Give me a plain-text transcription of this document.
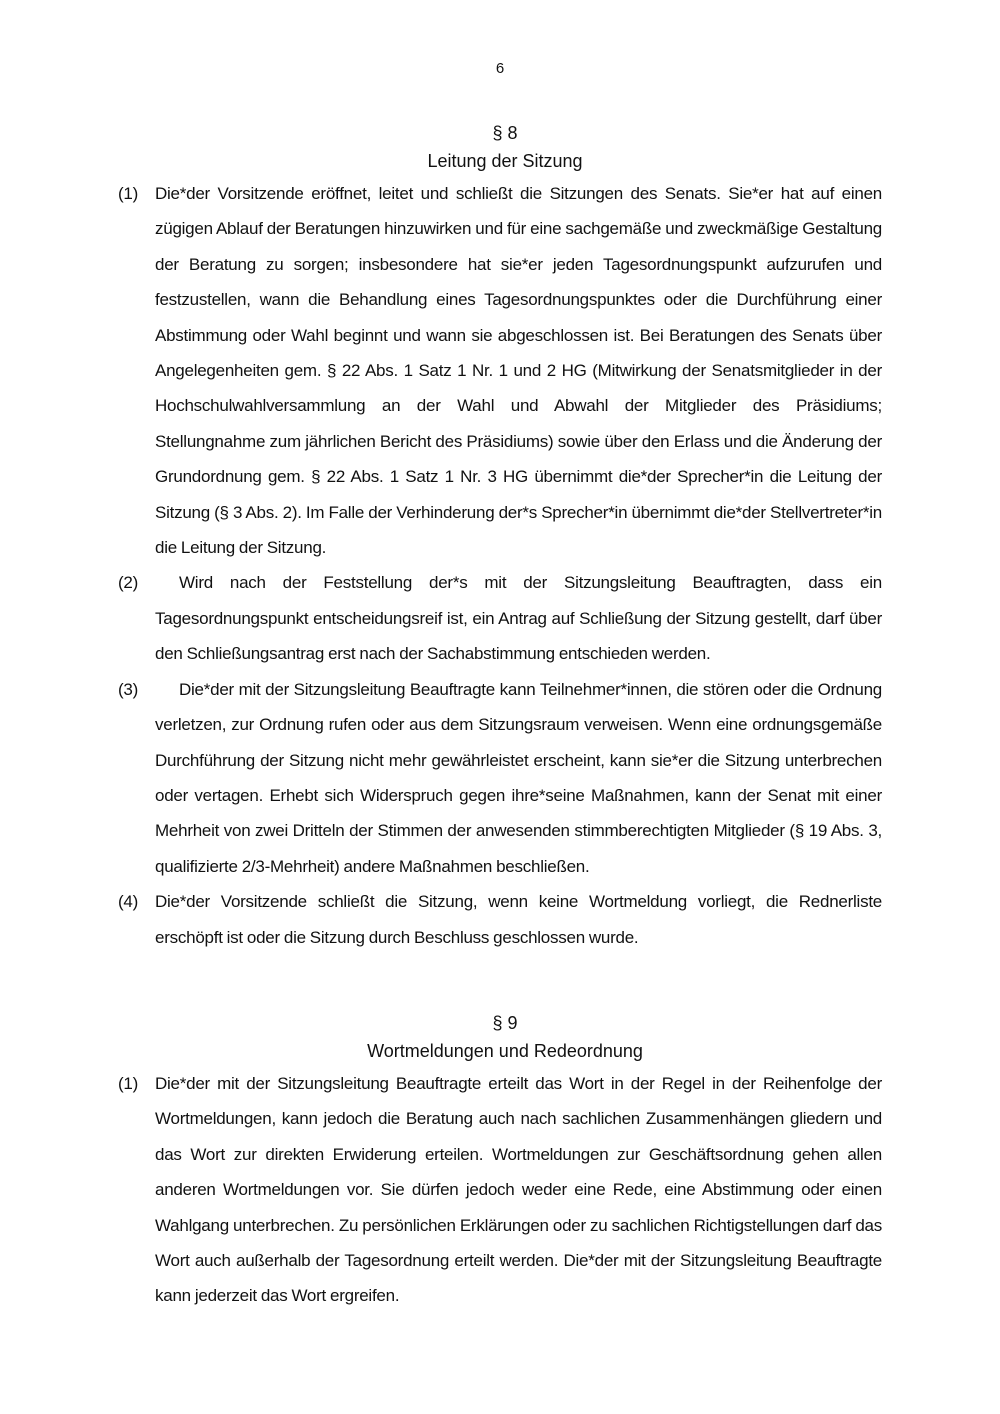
6
§ 8
Leitung der Sitzung
(1) Die*der Vorsitzende eröffnet, leitet und schließt die Sitzungen des Senats. Sie*er hat auf einen zügigen Ablauf der Beratungen hinzuwirken und für eine sachgemäße und zweckmäßige Gestaltung der Beratung zu sorgen; insbesondere hat sie*er jeden Tagesordnungspunkt aufzurufen und festzustellen, wann die Behandlung eines Tagesordnungspunktes oder die Durchführung einer Abstimmung oder Wahl beginnt und wann sie abgeschlossen ist. Bei Beratungen des Senats über Angelegenheiten gem. § 22 Abs. 1 Satz 1 Nr. 1 und 2 HG (Mitwirkung der Senatsmitglieder in der Hochschulwahlversammlung an der Wahl und Abwahl der Mitglieder des Präsidiums; Stellungnahme zum jährlichen Bericht des Präsidiums) sowie über den Erlass und die Änderung der Grundordnung gem. § 22 Abs. 1 Satz 1 Nr. 3 HG übernimmt die*der Sprecher*in die Leitung der Sitzung (§ 3 Abs. 2). Im Falle der Verhinderung der*s Sprecher*in übernimmt die*der Stellvertreter*in die Leitung der Sitzung.
(2)	Wird nach der Feststellung der*s mit der Sitzungsleitung Beauftragten, dass ein Tagesordnungspunkt entscheidungsreif ist, ein Antrag auf Schließung der Sitzung gestellt, darf über den Schließungsantrag erst nach der Sachabstimmung entschieden werden.
(3)	Die*der mit der Sitzungsleitung Beauftragte kann Teilnehmer*innen, die stören oder die Ordnung verletzen, zur Ordnung rufen oder aus dem Sitzungsraum verweisen. Wenn eine ordnungsgemäße Durchführung der Sitzung nicht mehr gewährleistet erscheint, kann sie*er die Sitzung unterbrechen oder vertagen. Erhebt sich Widerspruch gegen ihre*seine Maßnahmen, kann der Senat mit einer Mehrheit von zwei Dritteln der Stimmen der anwesenden stimmberechtigten Mitglieder (§ 19 Abs. 3, qualifizierte 2/3-Mehrheit) andere Maßnahmen beschließen.
(4) Die*der Vorsitzende schließt die Sitzung, wenn keine Wortmeldung vorliegt, die Rednerliste erschöpft ist oder die Sitzung durch Beschluss geschlossen wurde.
§ 9
Wortmeldungen und Redeordnung
(1) Die*der mit der Sitzungsleitung Beauftragte erteilt das Wort in der Regel in der Reihenfolge der Wortmeldungen, kann jedoch die Beratung auch nach sachlichen Zusammenhängen gliedern und das Wort zur direkten Erwiderung erteilen. Wortmeldungen zur Geschäftsordnung gehen allen anderen Wortmeldungen vor. Sie dürfen jedoch weder eine Rede, eine Abstimmung oder einen Wahlgang unterbrechen. Zu persönlichen Erklärungen oder zu sachlichen Richtigstellungen darf das Wort auch außerhalb der Tagesordnung erteilt werden. Die*der mit der Sitzungsleitung Beauftragte kann jederzeit das Wort ergreifen.
